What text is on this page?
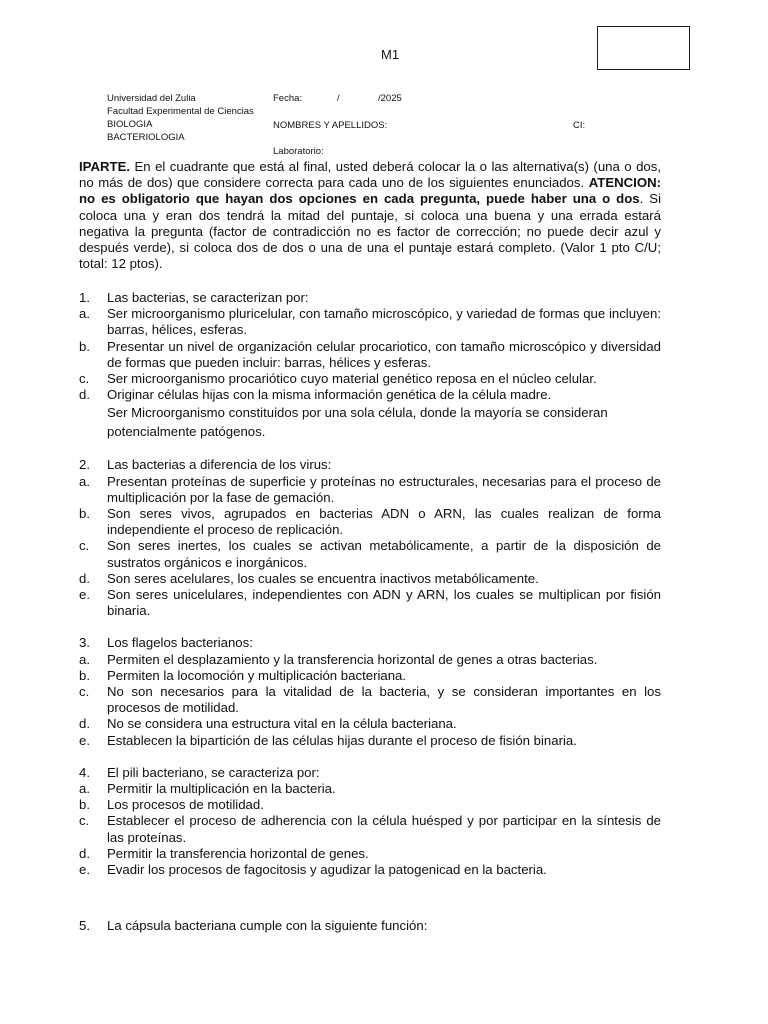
M1
Universidad del Zulia
Facultad Experimental de Ciencias
BIOLOGIA
BACTERIOLOGIA
Fecha:	/	/2025
NOMBRES Y APELLIDOS:	CI:
Laboratorio:
IPARTE. En el cuadrante que está al final, usted deberá colocar la o las alternativa(s) (una o dos, no más de dos) que considere correcta para cada uno de los siguientes enunciados. ATENCION: no es obligatorio que hayan dos opciones en cada pregunta, puede haber una o dos. Si coloca una y eran dos tendrá la mitad del puntaje, si coloca una buena y una errada estará negativa la pregunta (factor de contradicción no es factor de corrección; no puede decir azul y después verde), si coloca dos de dos o una de una el puntaje estará completo. (Valor 1 pto C/U; total: 12 ptos).
1.	Las bacterias, se caracterizan por:
a.	Ser microorganismo pluricelular, con tamaño microscópico, y variedad de formas que incluyen: barras, hélices, esferas.
b.	Presentar un nivel de organización celular procariotico, con tamaño microscópico y diversidad de formas que pueden incluir: barras, hélices y esferas.
c.	Ser microorganismo procariótico cuyo material genético reposa en el núcleo celular.
d.	Originar células hijas con la misma información genética de la célula madre.
Ser Microorganismo constituidos por una sola célula, donde la mayoría se consideran potencialmente patógenos.
2.	Las bacterias a diferencia de los virus:
a.	Presentan proteínas de superficie y proteínas no estructurales, necesarias para el proceso de multiplicación por la fase de gemación.
b.	Son seres vivos, agrupados en bacterias ADN o ARN, las cuales realizan de forma independiente el proceso de replicación.
c.	Son seres inertes, los cuales se activan metabólicamente, a partir de la disposición de sustratos orgánicos e inorgánicos.
d.	Son seres acelulares, los cuales se encuentra inactivos metabólicamente.
e.	Son seres unicelulares, independientes con ADN y ARN, los cuales se multiplican por fisión binaria.
3.	Los flagelos bacterianos:
a.	Permiten el desplazamiento y la transferencia horizontal de genes a otras bacterias.
b.	Permiten la locomoción y multiplicación bacteriana.
c.	No son necesarios para la vitalidad de la bacteria, y se consideran importantes en los procesos de motilidad.
d.	No se considera una estructura vital en la célula bacteriana.
e.	Establecen la bipartición de las células hijas durante el proceso de fisión binaria.
4.	El pili bacteriano, se caracteriza por:
a.	Permitir la multiplicación en la bacteria.
b.	Los procesos de motilidad.
c.	Establecer el proceso de adherencia con la célula huésped y por participar en la síntesis de las proteínas.
d.	Permitir la transferencia horizontal de genes.
e.	Evadir los procesos de fagocitosis y agudizar la patogenicad en la bacteria.
5.	La cápsula bacteriana cumple con la siguiente función:
